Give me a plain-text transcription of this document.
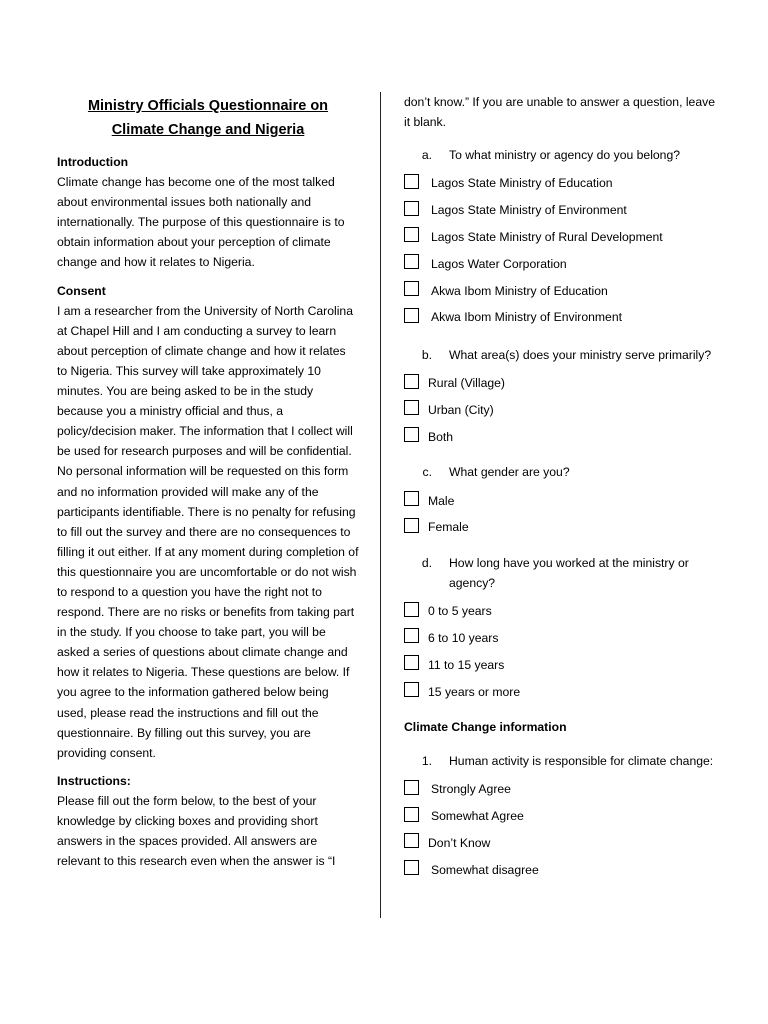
Ministry Officials Questionnaire on
Climate Change and Nigeria
Introduction
Climate change has become one of the most talked about environmental issues both nationally and internationally. The purpose of this questionnaire is to obtain information about your perception of climate change and how it relates to Nigeria.
Consent
I am a researcher from the University of North Carolina at Chapel Hill and I am conducting a survey to learn about perception of climate change and how it relates to Nigeria. This survey will take approximately 10 minutes. You are being asked to be in the study because you a ministry official and thus, a policy/decision maker. The information that I collect will be used for research purposes and will be confidential. No personal information will be requested on this form and no information provided will make any of the participants identifiable. There is no penalty for refusing to fill out the survey and there are no consequences to filling it out either. If at any moment during completion of this questionnaire you are uncomfortable or do not wish to respond to a question you have the right not to respond. There are no risks or benefits from taking part in the study. If you choose to take part, you will be asked a series of questions about climate change and how it relates to Nigeria. These questions are below. If you agree to the information gathered below being used, please read the instructions and fill out the questionnaire. By filling out this survey, you are providing consent.
Instructions:
Please fill out the form below, to the best of your knowledge by clicking boxes and providing short answers in the spaces provided. All answers are relevant to this research even when the answer is “I
don’t know.” If you are unable to answer a question, leave it blank.
a.	To what ministry or agency do you belong?
Lagos State Ministry of Education
Lagos State Ministry of Environment
Lagos State Ministry of Rural Development
Lagos Water Corporation
Akwa Ibom Ministry of Education
Akwa Ibom Ministry of Environment
b.	What area(s) does your ministry serve primarily?
Rural (Village)
Urban (City)
Both
c.	What gender are you?
Male
Female
d.	How long have you worked at the ministry or agency?
0 to 5 years
6 to 10 years
11 to 15 years
15 years or more
Climate Change information
1.	Human activity is responsible for climate change:
Strongly Agree
Somewhat Agree
Don’t Know
Somewhat disagree
